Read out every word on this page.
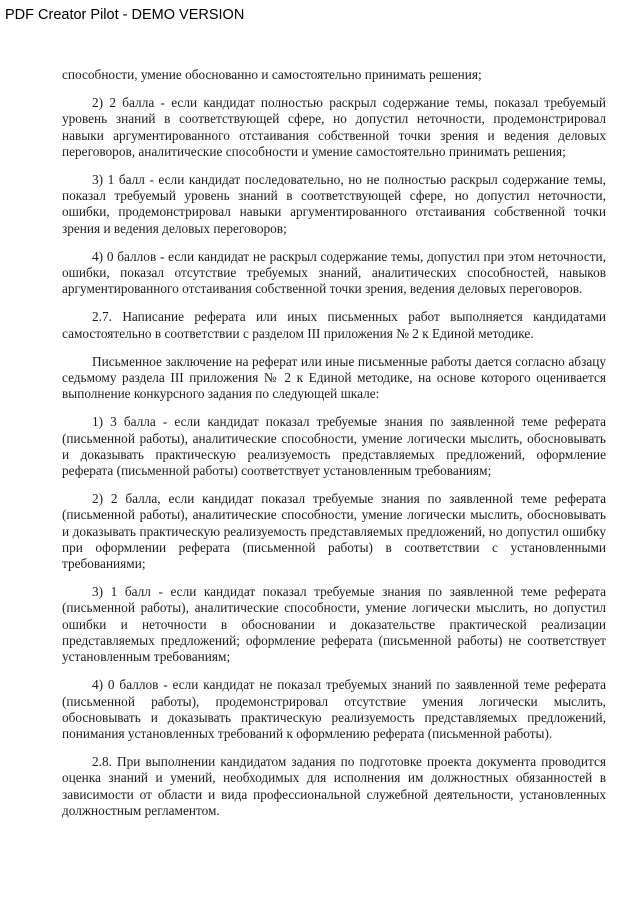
PDF Creator Pilot - DEMO VERSION

способности, умение обоснованно и самостоятельно принимать решения;

2) 2 балла - если кандидат полностью раскрыл содержание темы, показал требуемый уровень знаний в соответствующей сфере, но допустил неточности, продемонстрировал навыки аргументированного отстаивания собственной точки зрения и ведения деловых переговоров, аналитические способности и умение самостоятельно принимать решения;

3) 1 балл - если кандидат последовательно, но не полностью раскрыл содержание темы, показал требуемый уровень знаний в соответствующей сфере, но допустил неточности, ошибки, продемонстрировал навыки аргументированного отстаивания собственной точки зрения и ведения деловых переговоров;

4) 0 баллов - если кандидат не раскрыл содержание темы, допустил при этом неточности, ошибки, показал отсутствие требуемых знаний, аналитических способностей, навыков аргументированного отстаивания собственной точки зрения, ведения деловых переговоров.

2.7. Написание реферата или иных письменных работ выполняется кандидатами самостоятельно в соответствии с разделом III приложения № 2 к Единой методике.

Письменное заключение на реферат или иные письменные работы дается согласно абзацу седьмому раздела III приложения № 2 к Единой методике, на основе которого оценивается выполнение конкурсного задания по следующей шкале:

1) 3 балла - если кандидат показал требуемые знания по заявленной теме реферата (письменной работы), аналитические способности, умение логически мыслить, обосновывать и доказывать практическую реализуемость представляемых предложений, оформление реферата (письменной работы) соответствует установленным требованиям;

2) 2 балла, если кандидат показал требуемые знания по заявленной теме реферата (письменной работы), аналитические способности, умение логически мыслить, обосновывать и доказывать практическую реализуемость представляемых предложений, но допустил ошибку при оформлении реферата (письменной работы) в соответствии с установленными требованиями;

3) 1 балл - если кандидат показал требуемые знания по заявленной теме реферата (письменной работы), аналитические способности, умение логически мыслить, но допустил ошибки и неточности в обосновании и доказательстве практической реализации представляемых предложений; оформление реферата (письменной работы) не соответствует установленным требованиям;

4) 0 баллов - если кандидат не показал требуемых знаний по заявленной теме реферата (письменной работы), продемонстрировал отсутствие умения логически мыслить, обосновывать и доказывать практическую реализуемость представляемых предложений, понимания установленных требований к оформлению реферата (письменной работы).

2.8. При выполнении кандидатом задания по подготовке проекта документа проводится оценка знаний и умений, необходимых для исполнения им должностных обязанностей в зависимости от области и вида профессиональной служебной деятельности, установленных должностным регламентом.
